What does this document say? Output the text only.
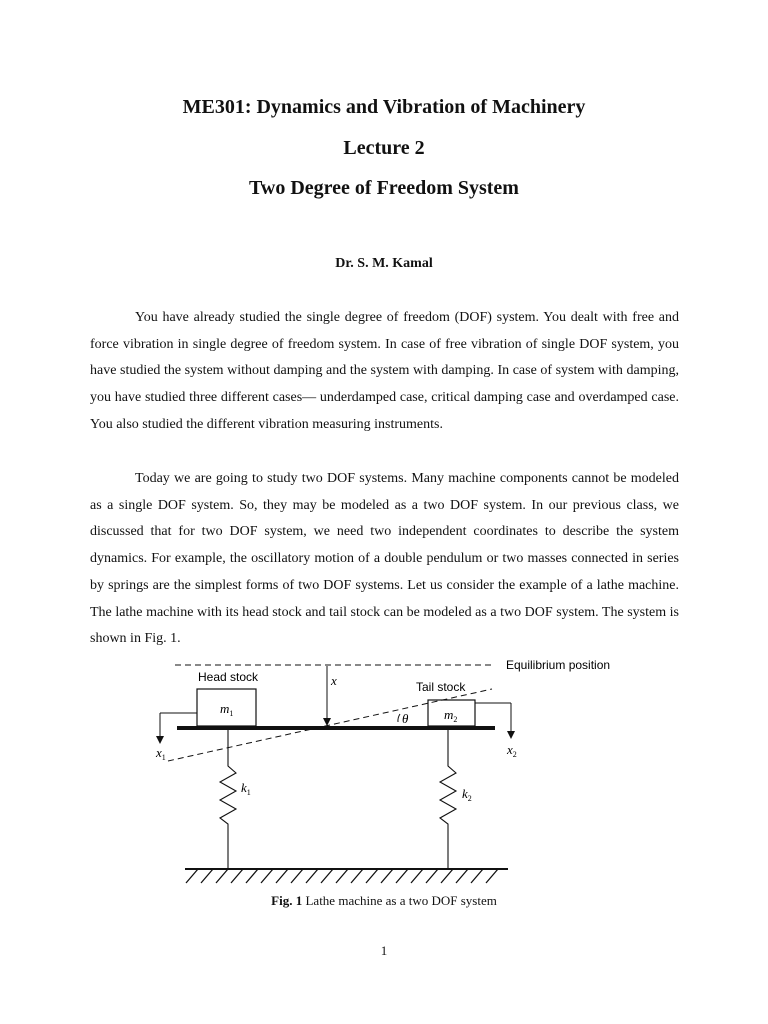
ME301: Dynamics and Vibration of Machinery
Lecture 2
Two Degree of Freedom System
Dr. S. M. Kamal

You have already studied the single degree of freedom (DOF) system. You dealt with free and force vibration in single degree of freedom system. In case of free vibration of single DOF system, you have studied the system without damping and the system with damping. In case of system with damping, you have studied three different cases— underdamped case, critical damping case and overdamped case. You also studied the different vibration measuring instruments.

Today we are going to study two DOF systems. Many machine components cannot be modeled as a single DOF system. So, they may be modeled as a two DOF system. In our previous class, we discussed that for two DOF system, we need two independent coordinates to describe the system dynamics. For example, the oscillatory motion of a double pendulum or two masses connected in series by springs are the simplest forms of two DOF systems. Let us consider the example of a lathe machine. The lathe machine with its head stock and tail stock can be modeled as a two DOF system. The system is shown in Fig. 1.

Equilibrium position
Head stock
$m_1$
Tail stock
$m_2$
θ
x
$x_1$
$x_2$
$k_1$	$k_2$
Fig. 1 Lathe machine as a two DOF system
1
